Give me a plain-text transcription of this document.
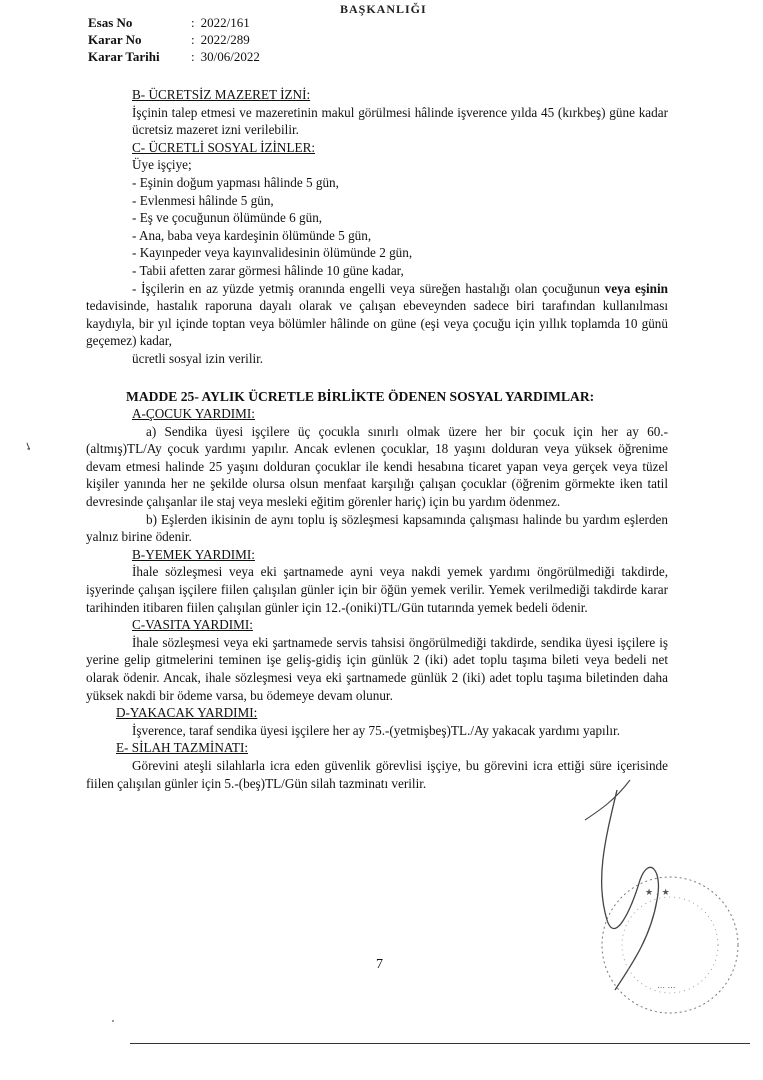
BAŞKANLIĞI
Esas No	: 2022/161
Karar No	: 2022/289
Karar Tarihi	: 30/06/2022

B- ÜCRETSİZ MAZERET İZNİ:

İşçinin talep etmesi ve mazeretinin makul görülmesi hâlinde işverence yılda 45 (kırkbeş) güne kadar ücretsiz mazeret izni verilebilir.

C- ÜCRETLİ SOSYAL İZİNLER:

Üye işçiye;

- Eşinin doğum yapması hâlinde 5 gün,

- Evlenmesi hâlinde 5 gün,

- Eş ve çocuğunun ölümünde 6 gün,

- Ana, baba veya kardeşinin ölümünde 5 gün,

- Kayınpeder veya kayınvalidesinin ölümünde 2 gün,

- Tabii afetten zarar görmesi hâlinde 10 güne kadar,

- İşçilerin en az yüzde yetmiş oranında engelli veya süreğen hastalığı olan çocuğunun veya eşinin tedavisinde, hastalık raporuna dayalı olarak ve çalışan ebeveynden sadece biri tarafından kullanılması kaydıyla, bir yıl içinde toptan veya bölümler hâlinde on güne (eşi veya çocuğu için yıllık toplamda 10 günü geçemez) kadar,

ücretli sosyal izin verilir.

MADDE 25- AYLIK ÜCRETLE BİRLİKTE ÖDENEN SOSYAL YARDIMLAR:

A-ÇOCUK YARDIMI:

a) Sendika üyesi işçilere üç çocukla sınırlı olmak üzere her bir çocuk için her ay 60.-(altmış)TL/Ay çocuk yardımı yapılır. Ancak evlenen çocuklar, 18 yaşını dolduran veya yüksek öğrenime devam etmesi halinde 25 yaşını dolduran çocuklar ile kendi hesabına ticaret yapan veya gerçek veya tüzel kişiler yanında her ne şekilde olursa olsun menfaat karşılığı çalışan çocuklar (öğrenim görmekte iken tatil devresinde çalışanlar ile staj veya mesleki eğitim görenler hariç) için bu yardım ödenmez.

b) Eşlerden ikisinin de aynı toplu iş sözleşmesi kapsamında çalışması halinde bu yardım eşlerden yalnız birine ödenir.

B-YEMEK YARDIMI:

İhale sözleşmesi veya eki şartnamede ayni veya nakdi yemek yardımı öngörülmediği takdirde, işyerinde çalışan işçilere fiilen çalışılan günler için bir öğün yemek verilir. Yemek verilmediği takdirde karar tarihinden itibaren fiilen çalışılan günler için 12.-(oniki)TL/Gün tutarında yemek bedeli ödenir.

C-VASITA YARDIMI:

İhale sözleşmesi veya eki şartnamede servis tahsisi öngörülmediği takdirde, sendika üyesi işçilere iş yerine gelip gitmelerini teminen işe geliş-gidiş için günlük 2 (iki) adet toplu taşıma bileti veya bedeli net olarak ödenir. Ancak, ihale sözleşmesi veya eki şartnamede günlük 2 (iki) adet toplu taşıma biletinden daha yüksek nakdi bir ödeme varsa, bu ödemeye devam olunur.

D-YAKACAK YARDIMI:

İşverence, taraf sendika üyesi işçilere her ay 75.-(yetmişbeş)TL./Ay yakacak yardımı yapılır.

E- SİLAH TAZMİNATI:

Görevini ateşli silahlarla icra eden güvenlik görevlisi işçiye, bu görevini icra ettiği süre içerisinde fiilen çalışılan günler için 5.-(beş)TL/Gün silah tazminatı verilir.

✓
★ . ★
⋯ ⋯
7
